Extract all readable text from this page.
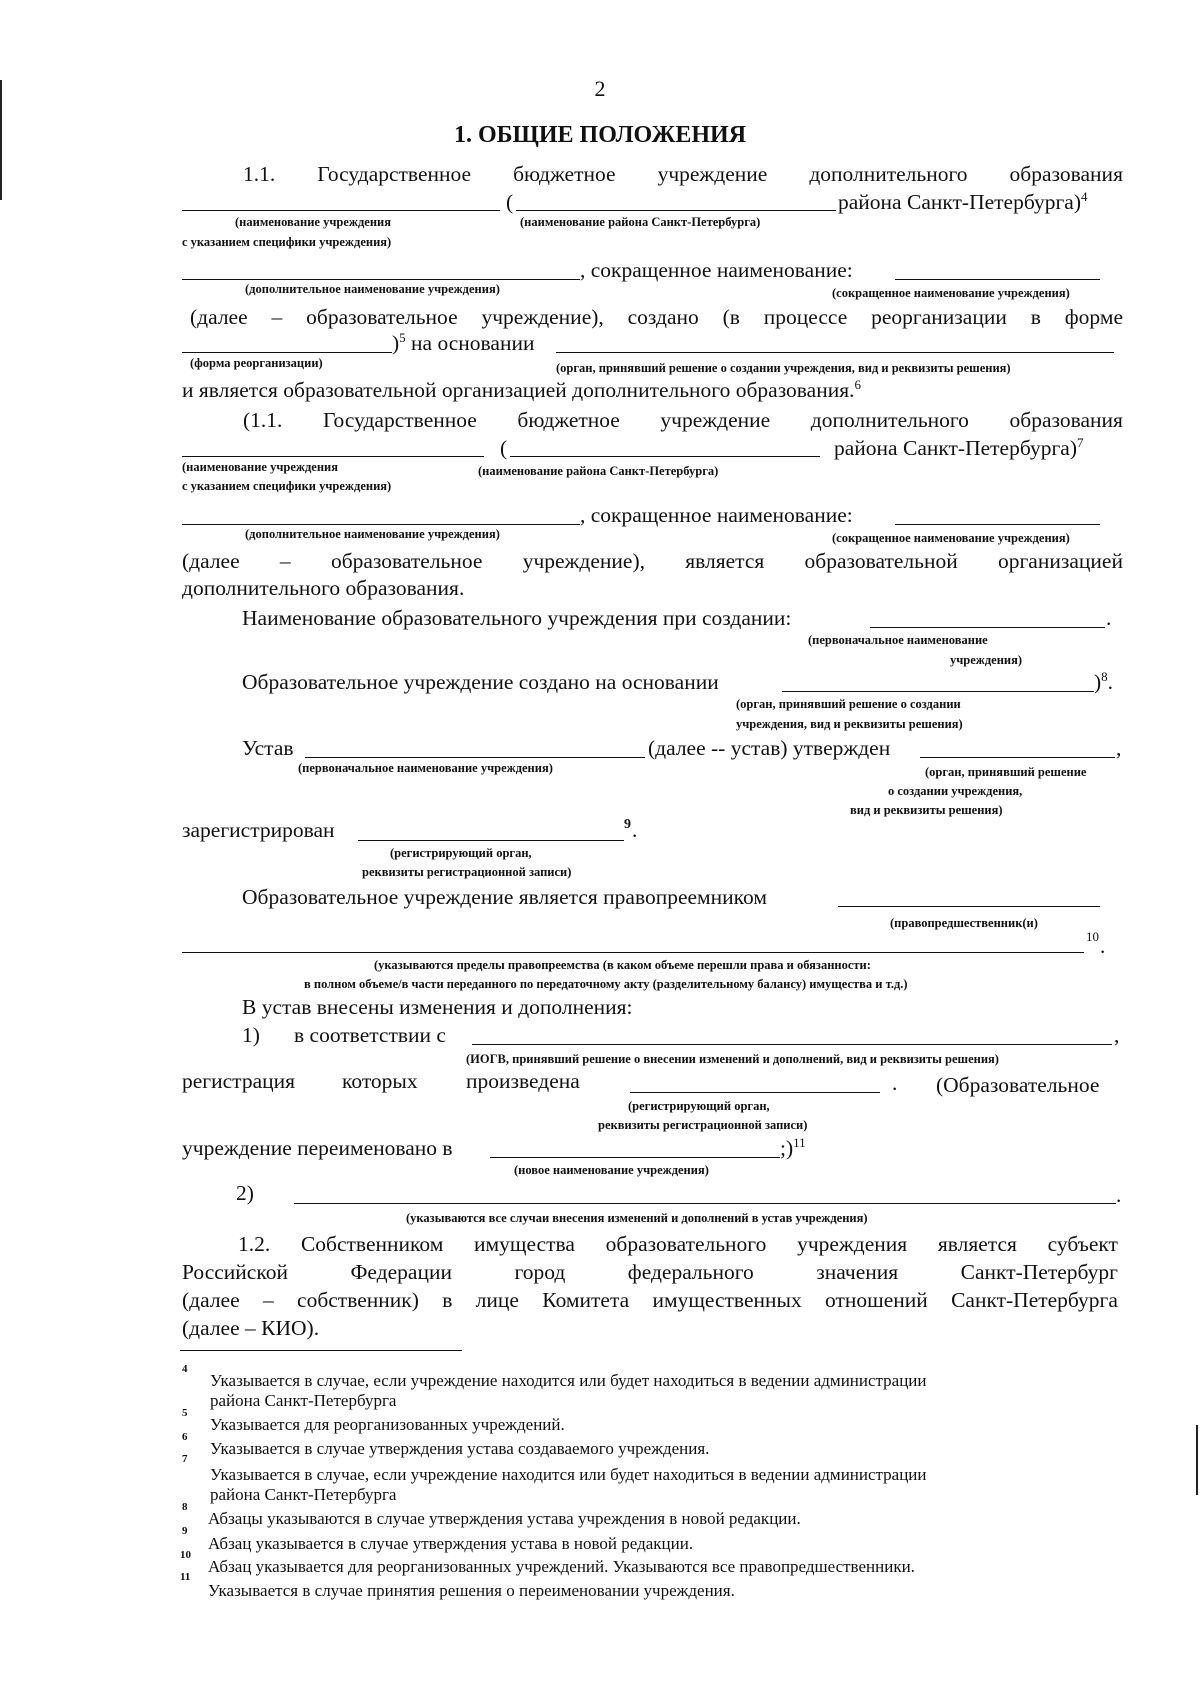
2
1. ОБЩИЕ ПОЛОЖЕНИЯ
1.1. Государственное бюджетное учреждение дополнительного образования
(	района Санкт-Петербурга)$^4$
(наименование учреждения
с указанием специфики учреждения)
(наименование района Санкт-Петербурга)
, сокращенное наименование:
(дополнительное наименование учреждения)	(сокращенное наименование учреждения)
(далее – образовательное учреждение), создано (в процессе реорганизации в форме
)$^5$ на основании
(форма реорганизации)	(орган, принявший решение о создании учреждения, вид и реквизиты решения)
и является образовательной организацией дополнительного образования.$^6$
(1.1. Государственное бюджетное учреждение дополнительного образования
(	района Санкт-Петербурга)$^7$
(наименование учреждения
с указанием специфики учреждения)
(наименование района Санкт-Петербурга)
, сокращенное наименование:
(дополнительное наименование учреждения)	(сокращенное наименование учреждения)
(далее – образовательное учреждение), является образовательной организацией
дополнительного образования.
Наименование образовательного учреждения при создании:	.
(первоначальное наименование
учреждения)
Образовательное учреждение создано на основании	)$^8$.
(орган, принявший решение о создании
учреждения, вид и реквизиты решения)
Устав	(далее -- устав) утвержден	,
(первоначальное наименование учреждения)	(орган, принявший решение
о создании учреждения,
вид и реквизиты решения)
зарегистрирован	9 .
(регистрирующий орган,
реквизиты регистрационной записи)
Образовательное учреждение является правопреемником
(правопредшественник(и)
10 .
(указываются пределы правопреемства (в каком объеме перешли права и обязанности:
в полном объеме/в части переданного по передаточному акту (разделительному балансу) имущества и т.д.)
В устав внесены изменения и дополнения:
1) в соответствии с	,
(ИОГВ, принявший решение о внесении изменений и дополнений, вид и реквизиты решения)
регистрация которых произведена	. (Образовательное
(регистрирующий орган,
реквизиты регистрационной записи)
учреждение переименовано в	;)$^{11}$
(новое наименование учреждения)
2)	.
(указываются все случаи внесения изменений и дополнений в устав учреждения)
1.2. Собственником имущества образовательного учреждения является субъект
Российской	Федерации	город	федерального	значения	Санкт-Петербург
(далее – собственник) в лице Комитета имущественных отношений Санкт-Петербурга
(далее – КИО).
4
Указывается в случае, если учреждение находится или будет находиться в ведении администрации
района Санкт-Петербурга
5
Указывается для реорганизованных учреждений.
6
Указывается в случае утверждения устава создаваемого учреждения.
7
Указывается в случае, если учреждение находится или будет находиться в ведении администрации
района Санкт-Петербурга
8
Абзацы указываются в случае утверждения устава учреждения в новой редакции.
9
Абзац указывается в случае утверждения устава в новой редакции.
10
Абзац указывается для реорганизованных учреждений. Указываются все правопредшественники.
11
Указывается в случае принятия решения о переименовании учреждения.
